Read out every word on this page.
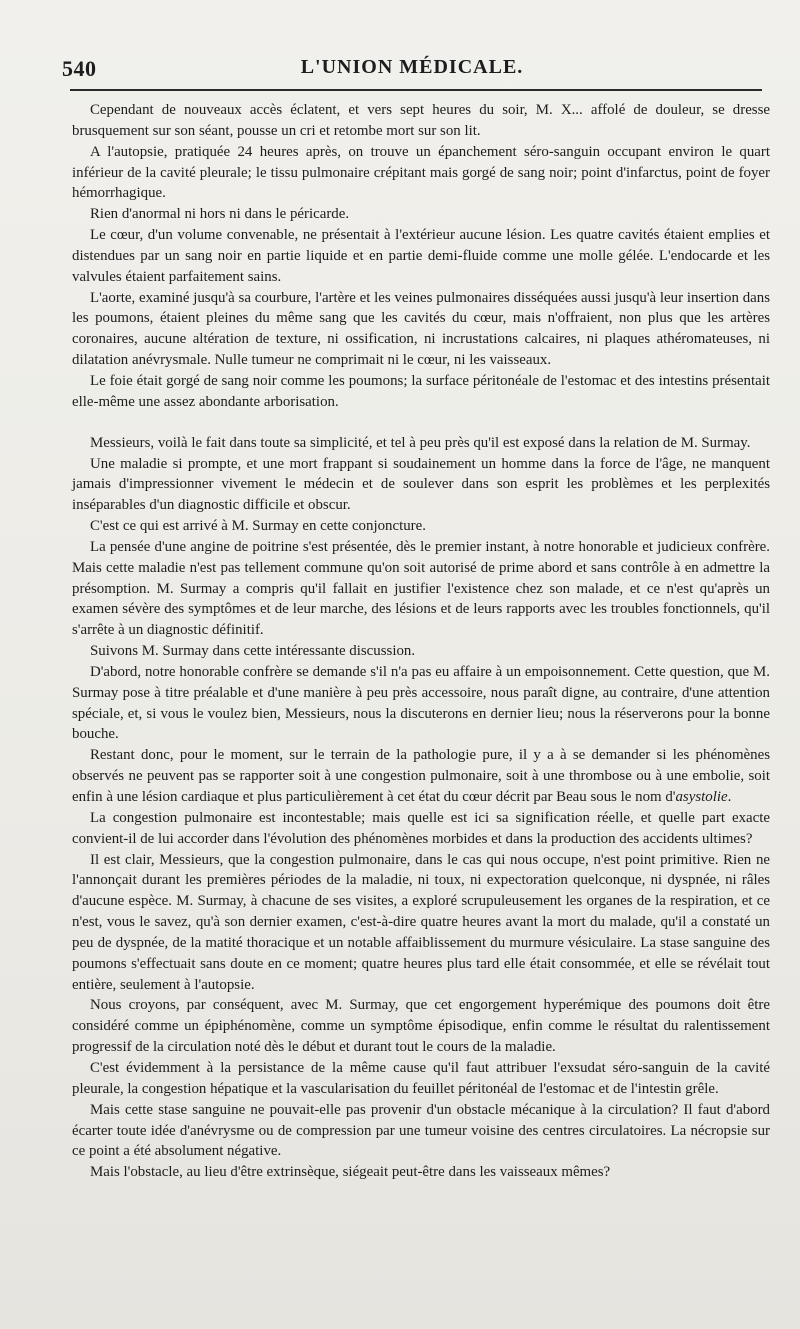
540	L'UNION MÉDICALE.

Cependant de nouveaux accès éclatent, et vers sept heures du soir, M. X... affolé de douleur, se dresse brusquement sur son séant, pousse un cri et retombe mort sur son lit.

A l'autopsie, pratiquée 24 heures après, on trouve un épanchement séro-sanguin occupant environ le quart inférieur de la cavité pleurale; le tissu pulmonaire crépitant mais gorgé de sang noir; point d'infarctus, point de foyer hémorrhagique.

Rien d'anormal ni hors ni dans le péricarde.

Le cœur, d'un volume convenable, ne présentait à l'extérieur aucune lésion. Les quatre cavités étaient emplies et distendues par un sang noir en partie liquide et en partie demi-fluide comme une molle gélée. L'endocarde et les valvules étaient parfaitement sains.

L'aorte, examiné jusqu'à sa courbure, l'artère et les veines pulmonaires disséquées aussi jusqu'à leur insertion dans les poumons, étaient pleines du même sang que les cavités du cœur, mais n'offraient, non plus que les artères coronaires, aucune altération de texture, ni ossification, ni incrustations calcaires, ni plaques athéromateuses, ni dilatation anévrysmale. Nulle tumeur ne comprimait ni le cœur, ni les vaisseaux.

Le foie était gorgé de sang noir comme les poumons; la surface péritonéale de l'estomac et des intestins présentait elle-même une assez abondante arborisation.

Messieurs, voilà le fait dans toute sa simplicité, et tel à peu près qu'il est exposé dans la relation de M. Surmay.

Une maladie si prompte, et une mort frappant si soudainement un homme dans la force de l'âge, ne manquent jamais d'impressionner vivement le médecin et de soulever dans son esprit les problèmes et les perplexités inséparables d'un diagnostic difficile et obscur.

C'est ce qui est arrivé à M. Surmay en cette conjoncture.

La pensée d'une angine de poitrine s'est présentée, dès le premier instant, à notre honorable et judicieux confrère. Mais cette maladie n'est pas tellement commune qu'on soit autorisé de prime abord et sans contrôle à en admettre la présomption. M. Surmay a compris qu'il fallait en justifier l'existence chez son malade, et ce n'est qu'après un examen sévère des symptômes et de leur marche, des lésions et de leurs rapports avec les troubles fonctionnels, qu'il s'arrête à un diagnostic définitif.

Suivons M. Surmay dans cette intéressante discussion.

D'abord, notre honorable confrère se demande s'il n'a pas eu affaire à un empoisonnement. Cette question, que M. Surmay pose à titre préalable et d'une manière à peu près accessoire, nous paraît digne, au contraire, d'une attention spéciale, et, si vous le voulez bien, Messieurs, nous la discuterons en dernier lieu; nous la réserverons pour la bonne bouche.

Restant donc, pour le moment, sur le terrain de la pathologie pure, il y a à se demander si les phénomènes observés ne peuvent pas se rapporter soit à une congestion pulmonaire, soit à une thrombose ou à une embolie, soit enfin à une lésion cardiaque et plus particulièrement à cet état du cœur décrit par Beau sous le nom d'asystolie.

La congestion pulmonaire est incontestable; mais quelle est ici sa signification réelle, et quelle part exacte convient-il de lui accorder dans l'évolution des phénomènes morbides et dans la production des accidents ultimes?

Il est clair, Messieurs, que la congestion pulmonaire, dans le cas qui nous occupe, n'est point primitive. Rien ne l'annonçait durant les premières périodes de la maladie, ni toux, ni expectoration quelconque, ni dyspnée, ni râles d'aucune espèce. M. Surmay, à chacune de ses visites, a exploré scrupuleusement les organes de la respiration, et ce n'est, vous le savez, qu'à son dernier examen, c'est-à-dire quatre heures avant la mort du malade, qu'il a constaté un peu de dyspnée, de la matité thoracique et un notable affaiblissement du murmure vésiculaire. La stase sanguine des poumons s'effectuait sans doute en ce moment; quatre heures plus tard elle était consommée, et elle se révélait tout entière, seulement à l'autopsie.

Nous croyons, par conséquent, avec M. Surmay, que cet engorgement hyperémique des poumons doit être considéré comme un épiphénomène, comme un symptôme épisodique, enfin comme le résultat du ralentissement progressif de la circulation noté dès le début et durant tout le cours de la maladie.

C'est évidemment à la persistance de la même cause qu'il faut attribuer l'exsudat séro-sanguin de la cavité pleurale, la congestion hépatique et la vascularisation du feuillet péritonéal de l'estomac et de l'intestin grêle.

Mais cette stase sanguine ne pouvait-elle pas provenir d'un obstacle mécanique à la circulation? Il faut d'abord écarter toute idée d'anévrysme ou de compression par une tumeur voisine des centres circulatoires. La nécropsie sur ce point a été absolument négative.

Mais l'obstacle, au lieu d'être extrinsèque, siégeait peut-être dans les vaisseaux mêmes?
